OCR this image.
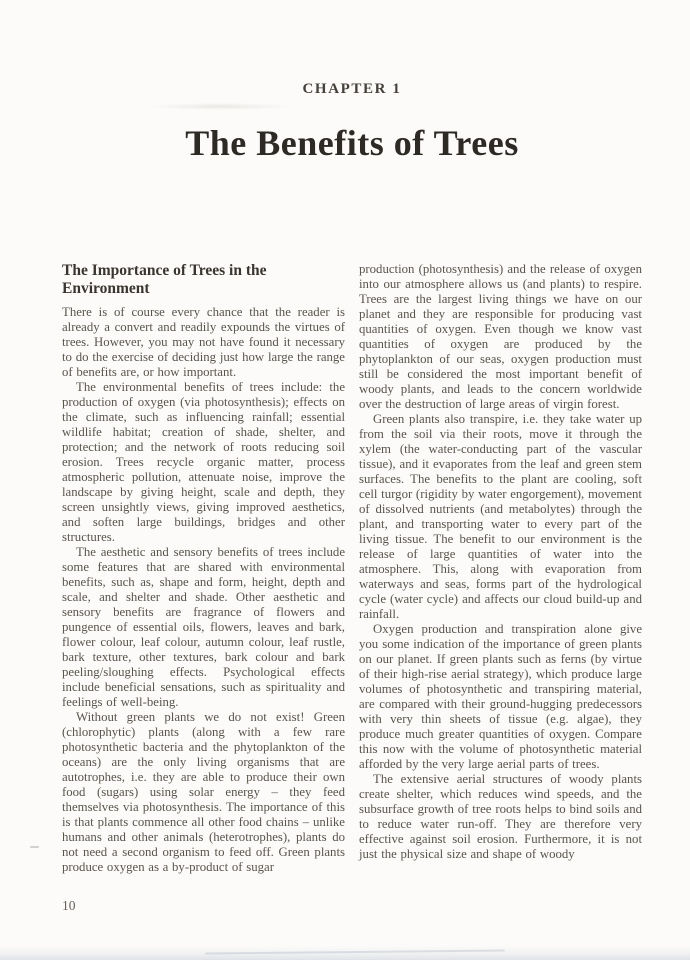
CHAPTER 1
The Benefits of Trees
The Importance of Trees in the Environment

There is of course every chance that the reader is already a convert and readily expounds the virtues of trees. However, you may not have found it necessary to do the exercise of deciding just how large the range of benefits are, or how important.

The environmental benefits of trees include: the production of oxygen (via photosynthesis); effects on the climate, such as influencing rainfall; essential wildlife habitat; creation of shade, shelter, and protection; and the network of roots reducing soil erosion. Trees recycle organic matter, process atmospheric pollution, attenuate noise, improve the landscape by giving height, scale and depth, they screen unsightly views, giving improved aesthetics, and soften large buildings, bridges and other structures.

The aesthetic and sensory benefits of trees include some features that are shared with environmental benefits, such as, shape and form, height, depth and scale, and shelter and shade. Other aesthetic and sensory benefits are fragrance of flowers and pungence of essential oils, flowers, leaves and bark, flower colour, leaf colour, autumn colour, leaf rustle, bark texture, other textures, bark colour and bark peeling/sloughing effects. Psychological effects include beneficial sensations, such as spirituality and feelings of well-being.

Without green plants we do not exist! Green (chlorophytic) plants (along with a few rare photosynthetic bacteria and the phytoplankton of the oceans) are the only living organisms that are autotrophes, i.e. they are able to produce their own food (sugars) using solar energy – they feed themselves via photosynthesis. The importance of this is that plants commence all other food chains – unlike humans and other animals (heterotrophes), plants do not need a second organism to feed off. Green plants produce oxygen as a by-product of sugar

production (photosynthesis) and the release of oxygen into our atmosphere allows us (and plants) to respire. Trees are the largest living things we have on our planet and they are responsible for producing vast quantities of oxygen. Even though we know vast quantities of oxygen are produced by the phytoplankton of our seas, oxygen production must still be considered the most important benefit of woody plants, and leads to the concern worldwide over the destruction of large areas of virgin forest.

Green plants also transpire, i.e. they take water up from the soil via their roots, move it through the xylem (the water-conducting part of the vascular tissue), and it evaporates from the leaf and green stem surfaces. The benefits to the plant are cooling, soft cell turgor (rigidity by water engorgement), movement of dissolved nutrients (and metabolytes) through the plant, and transporting water to every part of the living tissue. The benefit to our environment is the release of large quantities of water into the atmosphere. This, along with evaporation from waterways and seas, forms part of the hydrological cycle (water cycle) and affects our cloud build-up and rainfall.

Oxygen production and transpiration alone give you some indication of the importance of green plants on our planet. If green plants such as ferns (by virtue of their high-rise aerial strategy), which produce large volumes of photosynthetic and transpiring material, are compared with their ground-hugging predecessors with very thin sheets of tissue (e.g. algae), they produce much greater quantities of oxygen. Compare this now with the volume of photosynthetic material afforded by the very large aerial parts of trees.

The extensive aerial structures of woody plants create shelter, which reduces wind speeds, and the subsurface growth of tree roots helps to bind soils and to reduce water run-off. They are therefore very effective against soil erosion. Furthermore, it is not just the physical size and shape of woody

10
